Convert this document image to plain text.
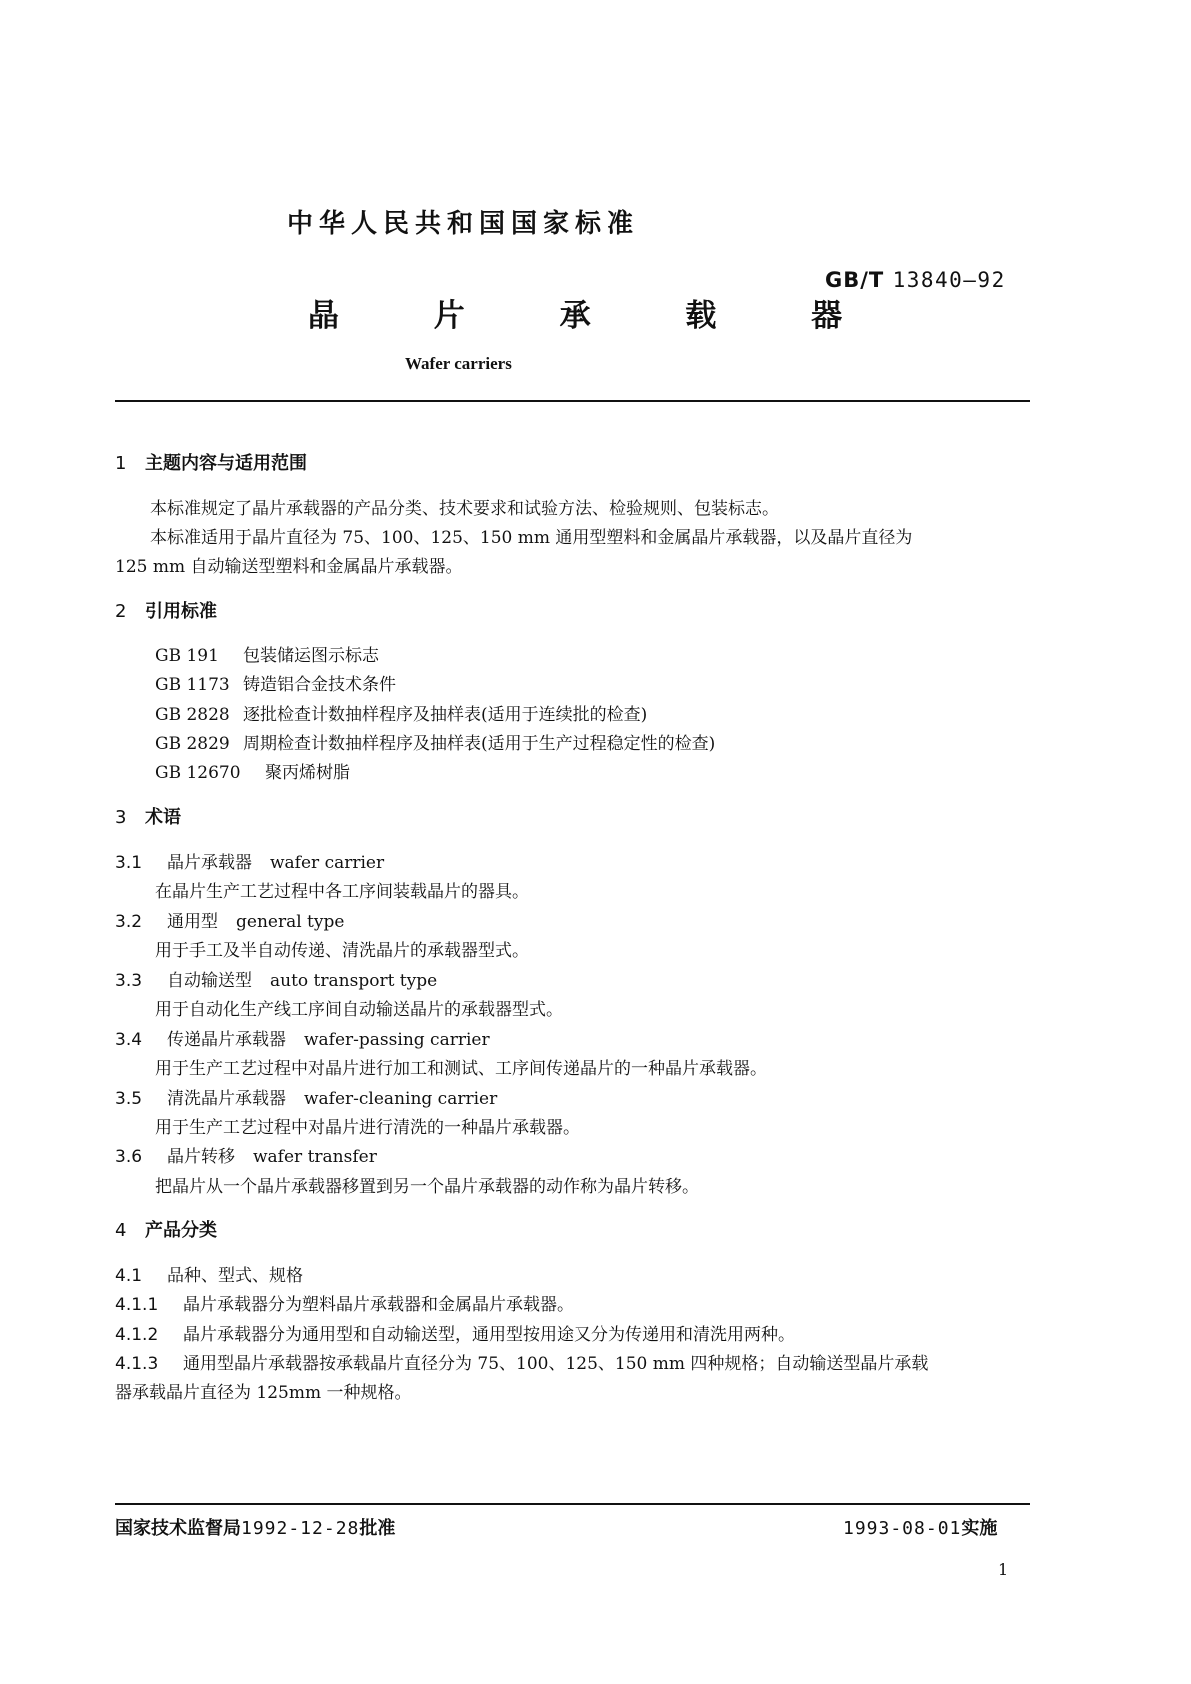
中华人民共和国国家标准
GB/T 13840—92
晶 片 承 载 器
Wafer carriers
1 主题内容与适用范围
本标准规定了晶片承载器的产品分类、技术要求和试验方法、检验规则、包装标志。
本标准适用于晶片直径为 75、100、125、150 mm 通用型塑料和金属晶片承载器，以及晶片直径为
125 mm 自动输送型塑料和金属晶片承载器。
2 引用标准
GB 191 包装储运图示标志
GB 1173 铸造铝合金技术条件
GB 2828 逐批检查计数抽样程序及抽样表(适用于连续批的检查)
GB 2829 周期检查计数抽样程序及抽样表(适用于生产过程稳定性的检查)
GB 12670 聚丙烯树脂
3 术语
3.1 晶片承载器 wafer carrier
在晶片生产工艺过程中各工序间装载晶片的器具。
3.2 通用型 general type
用于手工及半自动传递、清洗晶片的承载器型式。
3.3 自动输送型 auto transport type
用于自动化生产线工序间自动输送晶片的承载器型式。
3.4 传递晶片承载器 wafer-passing carrier
用于生产工艺过程中对晶片进行加工和测试、工序间传递晶片的一种晶片承载器。
3.5 清洗晶片承载器 wafer-cleaning carrier
用于生产工艺过程中对晶片进行清洗的一种晶片承载器。
3.6 晶片转移 wafer transfer
把晶片从一个晶片承载器移置到另一个晶片承载器的动作称为晶片转移。
4 产品分类
4.1 品种、型式、规格
4.1.1 晶片承载器分为塑料晶片承载器和金属晶片承载器。
4.1.2 晶片承载器分为通用型和自动输送型，通用型按用途又分为传递用和清洗用两种。
4.1.3 通用型晶片承载器按承载晶片直径分为 75、100、125、150 mm 四种规格；自动输送型晶片承载
器承载晶片直径为 125mm 一种规格。
国家技术监督局1992-12-28批准	1993-08-01实施
1
